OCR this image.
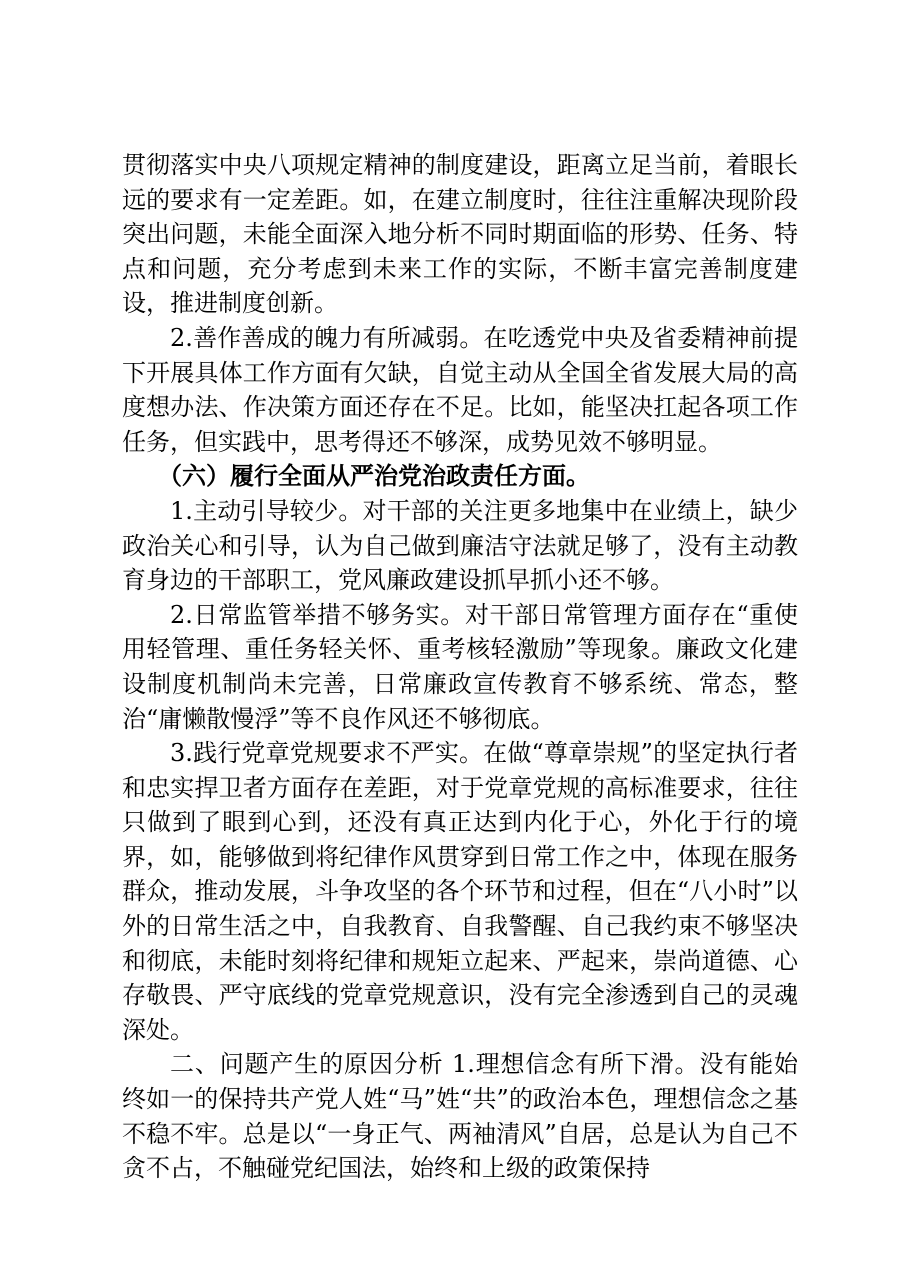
贯彻落实中央八项规定精神的制度建设，距离立足当前，着眼长远的要求有一定差距。如，在建立制度时，往往注重解决现阶段突出问题，未能全面深入地分析不同时期面临的形势、任务、特点和问题，充分考虑到未来工作的实际，不断丰富完善制度建设，推进制度创新。

2.善作善成的魄力有所减弱。在吃透党中央及省委精神前提下开展具体工作方面有欠缺，自觉主动从全国全省发展大局的高度想办法、作决策方面还存在不足。比如，能坚决扛起各项工作任务，但实践中，思考得还不够深，成势见效不够明显。

（六）履行全面从严治党治政责任方面。

1.主动引导较少。对干部的关注更多地集中在业绩上，缺少政治关心和引导，认为自己做到廉洁守法就足够了，没有主动教育身边的干部职工，党风廉政建设抓早抓小还不够。

2.日常监管举措不够务实。对干部日常管理方面存在“重使用轻管理、重任务轻关怀、重考核轻激励”等现象。廉政文化建设制度机制尚未完善，日常廉政宣传教育不够系统、常态，整治“庸懒散慢浮”等不良作风还不够彻底。

3.践行党章党规要求不严实。在做“尊章崇规”的坚定执行者和忠实捍卫者方面存在差距，对于党章党规的高标准要求，往往只做到了眼到心到，还没有真正达到内化于心，外化于行的境界，如，能够做到将纪律作风贯穿到日常工作之中，体现在服务群众，推动发展，斗争攻坚的各个环节和过程，但在“八小时”以外的日常生活之中，自我教育、自我警醒、自己我约束不够坚决和彻底，未能时刻将纪律和规矩立起来、严起来，崇尚道德、心存敬畏、严守底线的党章党规意识，没有完全渗透到自己的灵魂深处。

二、问题产生的原因分析 1.理想信念有所下滑。没有能始终如一的保持共产党人姓“马”姓“共”的政治本色，理想信念之基不稳不牢。总是以“一身正气、两袖清风”自居，总是认为自己不贪不占，不触碰党纪国法，始终和上级的政策保持
